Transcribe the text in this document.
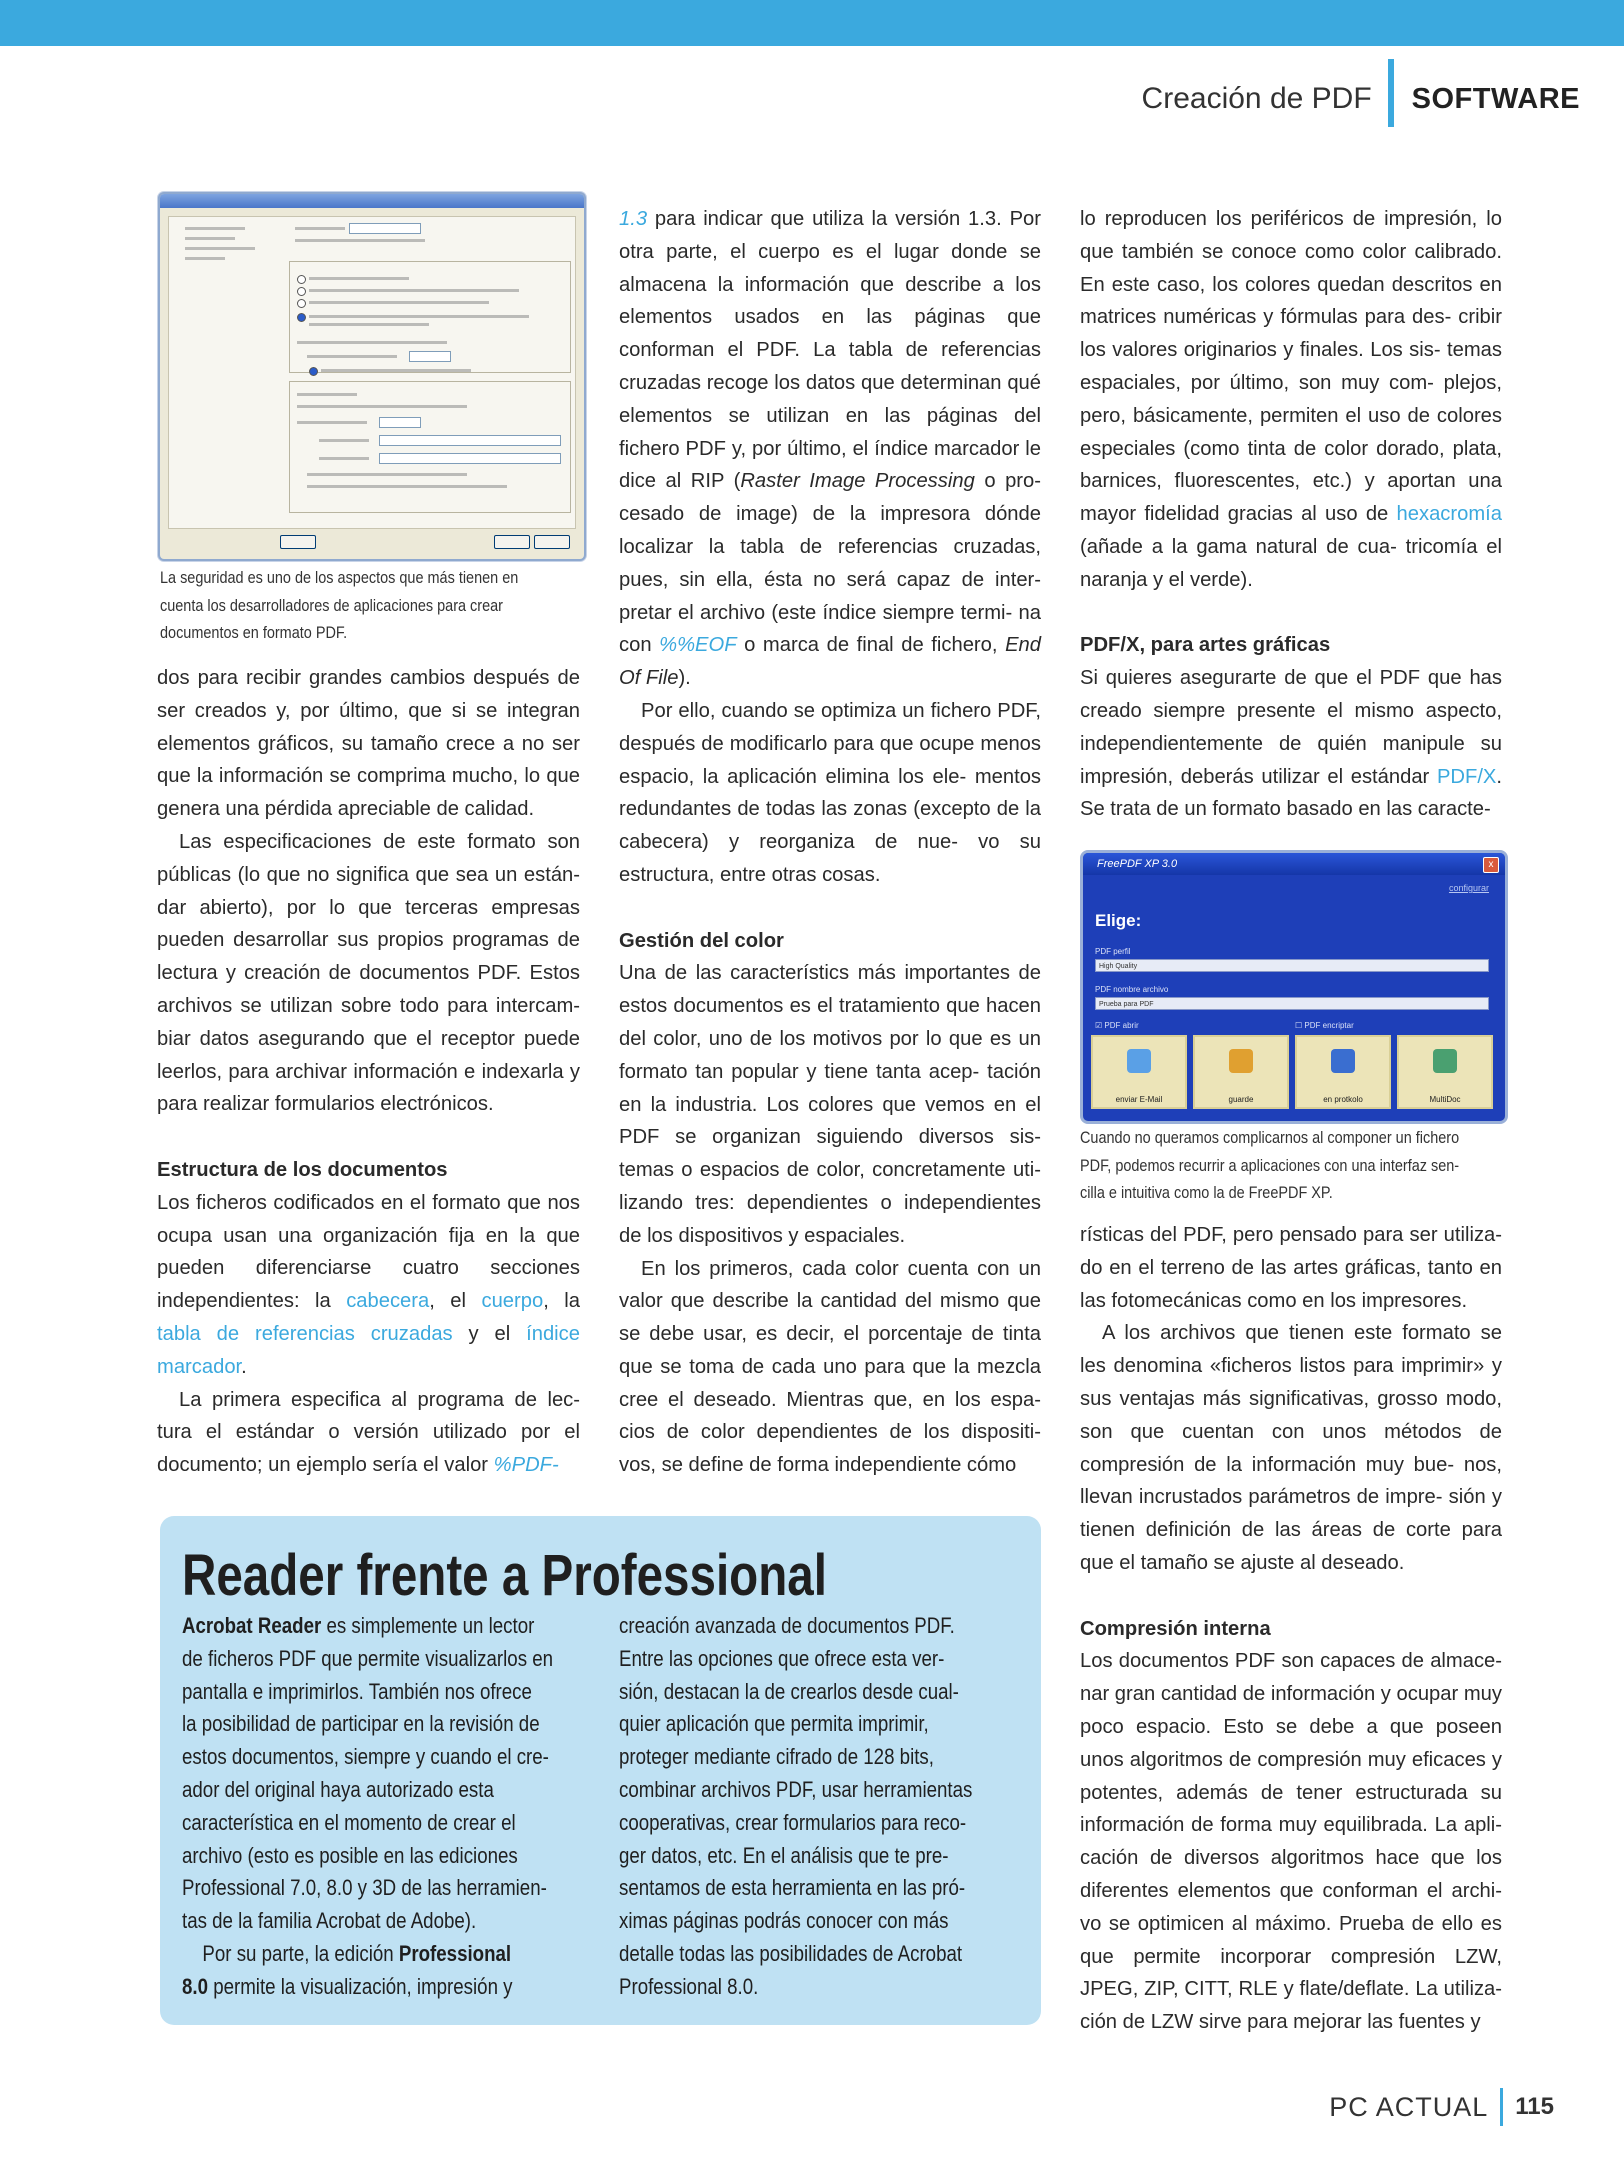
Creación de PDF SOFTWARE
La seguridad es uno de los aspectos que más tienen en
cuenta los desarrolladores de aplicaciones para crear
documentos en formato PDF.

dos para recibir grandes cambios después de ser creados y, por último, que si se integran elementos gráficos, su tamaño crece a no ser que la información se comprima mucho, lo que genera una pérdida apreciable de calidad.

Las especificaciones de este formato son públicas (lo que no significa que sea un están- dar abierto), por lo que terceras empresas pueden desarrollar sus propios programas de lectura y creación de documentos PDF. Estos archivos se utilizan sobre todo para intercam- biar datos asegurando que el receptor puede leerlos, para archivar información e indexarla y para realizar formularios electrónicos.

Estructura de los documentos

Los ficheros codificados en el formato que nos ocupa usan una organización fija en la que pueden diferenciarse cuatro secciones independientes: la cabecera, el cuerpo, la tabla de referencias cruzadas y el índice marcador.

La primera especifica al programa de lec- tura el estándar o versión utilizado por el documento; un ejemplo sería el valor %PDF-

1.3 para indicar que utiliza la versión 1.3. Por otra parte, el cuerpo es el lugar donde se almacena la información que describe a los elementos usados en las páginas que conforman el PDF. La tabla de referencias cruzadas recoge los datos que determinan qué elementos se utilizan en las páginas del fichero PDF y, por último, el índice marcador le dice al RIP (Raster Image Processing o pro- cesado de image) de la impresora dónde localizar la tabla de referencias cruzadas, pues, sin ella, ésta no será capaz de inter- pretar el archivo (este índice siempre termi- na con %%EOF o marca de final de fichero, End Of File).

Por ello, cuando se optimiza un fichero PDF, después de modificarlo para que ocupe menos espacio, la aplicación elimina los ele- mentos redundantes de todas las zonas (excepto de la cabecera) y reorganiza de nue- vo su estructura, entre otras cosas.

Gestión del color

Una de las característics más importantes de estos documentos es el tratamiento que hacen del color, uno de los motivos por lo que es un formato tan popular y tiene tanta acep- tación en la industria. Los colores que vemos en el PDF se organizan siguiendo diversos sis- temas o espacios de color, concretamente uti- lizando tres: dependientes o independientes de los dispositivos y espaciales.

En los primeros, cada color cuenta con un valor que describe la cantidad del mismo que se debe usar, es decir, el porcentaje de tinta que se toma de cada uno para que la mezcla cree el deseado. Mientras que, en los espa- cios de color dependientes de los dispositi- vos, se define de forma independiente cómo

lo reproducen los periféricos de impresión, lo que también se conoce como color calibrado. En este caso, los colores quedan descritos en matrices numéricas y fórmulas para des- cribir los valores originarios y finales. Los sis- temas espaciales, por último, son muy com- plejos, pero, básicamente, permiten el uso de colores especiales (como tinta de color dorado, plata, barnices, fluorescentes, etc.) y aportan una mayor fidelidad gracias al uso de hexacromía (añade a la gama natural de cua- tricomía el naranja y el verde).

PDF/X, para artes gráficas

Si quieres asegurarte de que el PDF que has creado siempre presente el mismo aspecto, independientemente de quién manipule su impresión, deberás utilizar el estándar PDF/X. Se trata de un formato basado en las caracte-

FreePDF XP 3.0	x
configurar
Elige:
PDF perfil
High Quality
PDF nombre archivo
Prueba para PDF
☑ PDF abrir	☐ PDF encriptar
enviar E-Mail	guarde	en protkolo	MultiDoc
Cuando no queramos complicarnos al componer un fichero
PDF, podemos recurrir a aplicaciones con una interfaz sen-
cilla e intuitiva como la de FreePDF XP.

rísticas del PDF, pero pensado para ser utiliza- do en el terreno de las artes gráficas, tanto en las fotomecánicas como en los impresores.

A los archivos que tienen este formato se les denomina «ficheros listos para imprimir» y sus ventajas más significativas, grosso modo, son que cuentan con unos métodos de compresión de la información muy bue- nos, llevan incrustados parámetros de impre- sión y tienen definición de las áreas de corte para que el tamaño se ajuste al deseado.

Compresión interna

Los documentos PDF son capaces de almace- nar gran cantidad de información y ocupar muy poco espacio. Esto se debe a que poseen unos algoritmos de compresión muy eficaces y potentes, además de tener estructurada su información de forma muy equilibrada. La apli- cación de diversos algoritmos hace que los diferentes elementos que conforman el archi- vo se optimicen al máximo. Prueba de ello es que permite incorporar compresión LZW, JPEG, ZIP, CITT, RLE y flate/deflate. La utiliza- ción de LZW sirve para mejorar las fuentes y

Reader frente a Professional
Acrobat Reader es simplemente un lector
de ficheros PDF que permite visualizarlos en
pantalla e imprimirlos. También nos ofrece
la posibilidad de participar en la revisión de
estos documentos, siempre y cuando el cre-
ador del original haya autorizado esta
característica en el momento de crear el
archivo (esto es posible en las ediciones
Professional 7.0, 8.0 y 3D de las herramien-
tas de la familia Acrobat de Adobe).
Por su parte, la edición Professional
8.0 permite la visualización, impresión y
creación avanzada de documentos PDF.
Entre las opciones que ofrece esta ver-
sión, destacan la de crearlos desde cual-
quier aplicación que permita imprimir,
proteger mediante cifrado de 128 bits,
combinar archivos PDF, usar herramientas
cooperativas, crear formularios para reco-
ger datos, etc. En el análisis que te pre-
sentamos de esta herramienta en las pró-
ximas páginas podrás conocer con más
detalle todas las posibilidades de Acrobat
Professional 8.0.
PC ACTUAL 115
